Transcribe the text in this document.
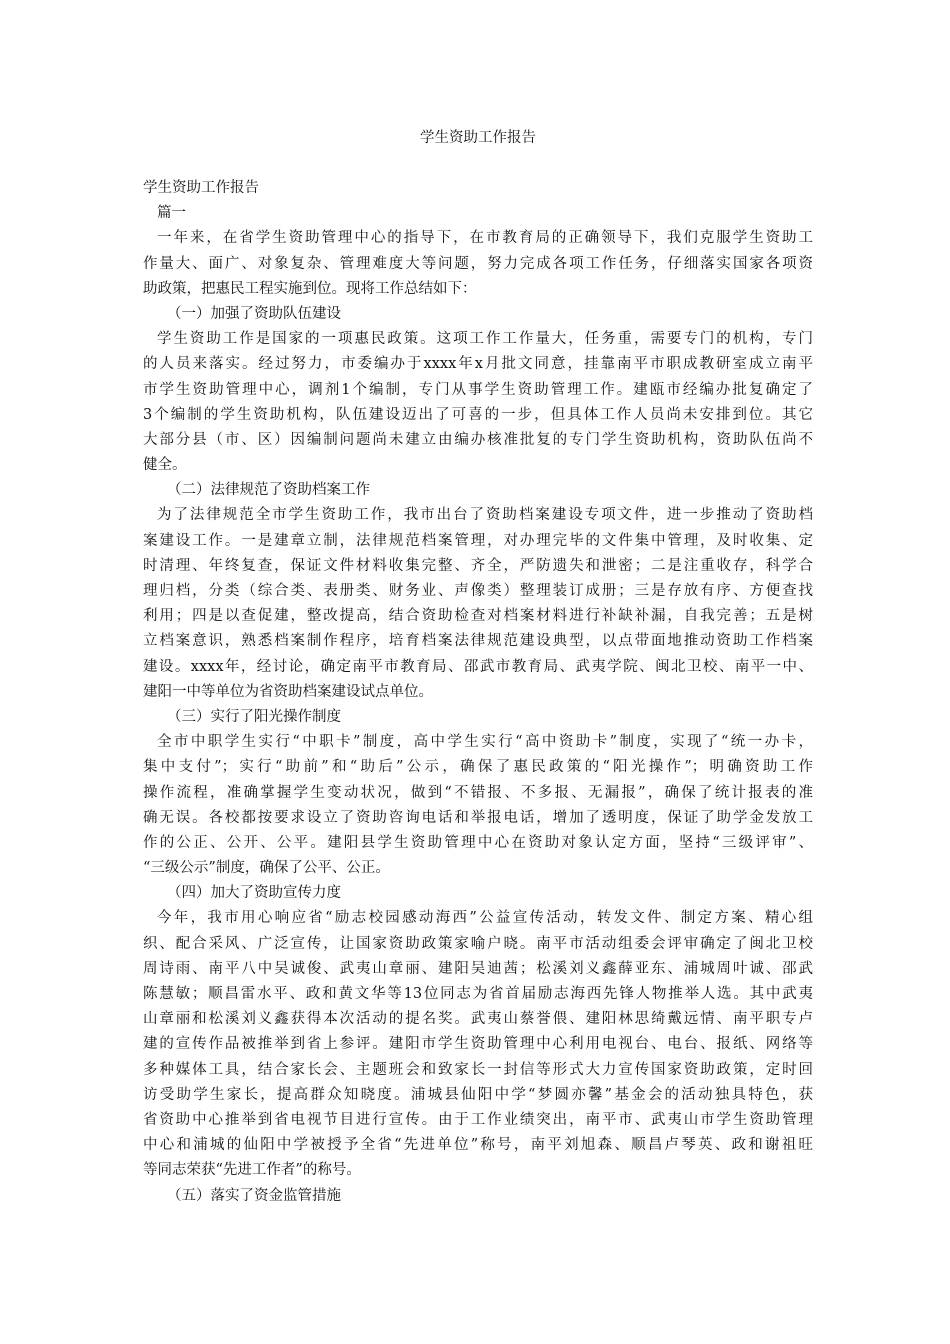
学生资助工作报告
学生资助工作报告
篇一
一年来，在省学生资助管理中心的指导下，在市教育局的正确领导下，我们克服学生资助工
作量大、面广、对象复杂、管理难度大等问题，努力完成各项工作任务，仔细落实国家各项资
助政策，把惠民工程实施到位。现将工作总结如下：
（一）加强了资助队伍建设
学生资助工作是国家的一项惠民政策。这项工作工作量大，任务重，需要专门的机构，专门
的人员来落实。经过努力，市委编办于xxxx年x月批文同意，挂靠南平市职成教研室成立南平
市学生资助管理中心，调剂1个编制，专门从事学生资助管理工作。建瓯市经编办批复确定了
3个编制的学生资助机构，队伍建设迈出了可喜的一步，但具体工作人员尚未安排到位。其它
大部分县（市、区）因编制问题尚未建立由编办核准批复的专门学生资助机构，资助队伍尚不
健全。
（二）法律规范了资助档案工作
为了法律规范全市学生资助工作，我市出台了资助档案建设专项文件，进一步推动了资助档
案建设工作。一是建章立制，法律规范档案管理，对办理完毕的文件集中管理，及时收集、定
时清理、年终复查，保证文件材料收集完整、齐全，严防遗失和泄密；二是注重收存，科学合
理归档，分类（综合类、表册类、财务业、声像类）整理装订成册；三是存放有序、方便查找
利用；四是以查促建，整改提高，结合资助检查对档案材料进行补缺补漏，自我完善；五是树
立档案意识，熟悉档案制作程序，培育档案法律规范建设典型，以点带面地推动资助工作档案
建设。xxxx年，经讨论，确定南平市教育局、邵武市教育局、武夷学院、闽北卫校、南平一中、
建阳一中等单位为省资助档案建设试点单位。
（三）实行了阳光操作制度
全市中职学生实行“中职卡”制度，高中学生实行“高中资助卡”制度，实现了“统一办卡，
集中支付”；实行“助前”和“助后”公示，确保了惠民政策的“阳光操作”；明确资助工作
操作流程，准确掌握学生变动状况，做到“不错报、不多报、无漏报”，确保了统计报表的准
确无误。各校都按要求设立了资助咨询电话和举报电话，增加了透明度，保证了助学金发放工
作的公正、公开、公平。建阳县学生资助管理中心在资助对象认定方面，坚持“三级评审”、
“三级公示”制度，确保了公平、公正。
（四）加大了资助宣传力度
今年，我市用心响应省“励志校园感动海西”公益宣传活动，转发文件、制定方案、精心组
织、配合采风、广泛宣传，让国家资助政策家喻户晓。南平市活动组委会评审确定了闽北卫校
周诗雨、南平八中吴诚俊、武夷山章丽、建阳吴迪茜；松溪刘义鑫薛亚东、浦城周叶诚、邵武
陈慧敏；顺昌雷水平、政和黄文华等13位同志为省首届励志海西先锋人物推举人选。其中武夷
山章丽和松溪刘义鑫获得本次活动的提名奖。武夷山蔡誉偎、建阳林思绮戴远情、南平职专卢
建的宣传作品被推举到省上参评。建阳市学生资助管理中心利用电视台、电台、报纸、网络等
多种媒体工具，结合家长会、主题班会和致家长一封信等形式大力宣传国家资助政策，定时回
访受助学生家长，提高群众知晓度。浦城县仙阳中学“梦圆亦馨”基金会的活动独具特色，获
省资助中心推举到省电视节目进行宣传。由于工作业绩突出，南平市、武夷山市学生资助管理
中心和浦城的仙阳中学被授予全省“先进单位”称号，南平刘旭森、顺昌卢琴英、政和谢祖旺
等同志荣获“先进工作者”的称号。
（五）落实了资金监管措施
